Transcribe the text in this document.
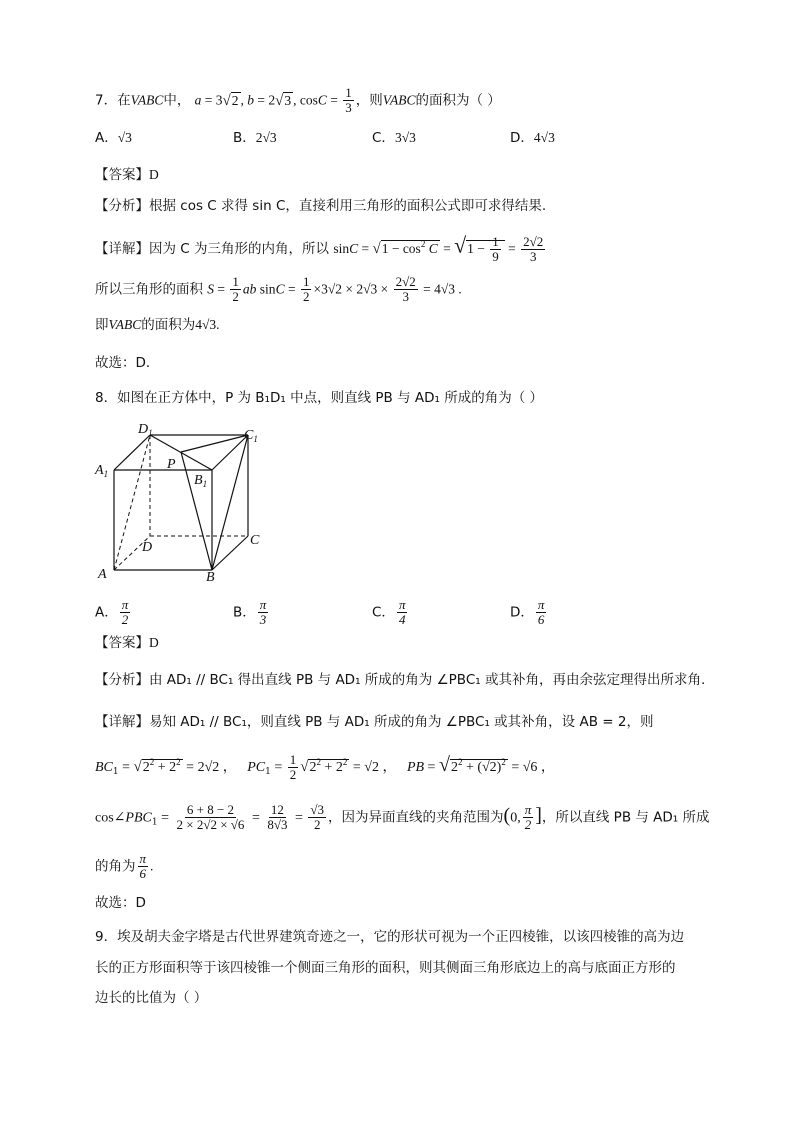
7．在VABC中， a = 3√2 , b = 2√3 , $\cos C = \frac{1}{3}$ ，则VABC的面积为（ ）
A．√3	B．2√3	C．3√3	D．4√3
【答案】D
【分析】根据 cos C 求得 sin C，直接利用三角形的面积公式即可求得结果.
【详解】因为 C 为三角形的内角，所以 $\sin C = √1 - \cos^2 C = √1 - \frac{1}{9} = \frac{2√2}{3}$
所以三角形的面积 $S = \frac{1}{2}$ ab $\sin C = \frac{1}{2} \times 3√2 \times 2√3 \times \frac{2√2}{3} = 4√3$ .
即VABC的面积为4√3.
故选：D．
8．如图在正方体中，P 为 B₁D₁ 中点，则直线 PB 与 AD₁ 所成的角为（ ）
$D_1$	$C_1$
$A_1$	$B_1$
P
D	C
A	B
A． $\frac{\pi}{2}$	B． $\frac{\pi}{3}$	C． $\frac{\pi}{4}$	D． $\frac{\pi}{6}$
【答案】D
【分析】由 AD₁ // BC₁ 得出直线 PB 与 AD₁ 所成的角为 ∠PBC₁ 或其补角，再由余弦定理得出所求角.
【详解】易知 AD₁ // BC₁，则直线 PB 与 AD₁ 所成的角为 ∠PBC₁ 或其补角，设 AB = 2，则
$BC_1 = √2^2 + 2^2 = 2√2$ ， $PC_1 = \frac{1}{2} √2^2 + 2^2 = √2$ ， PB = $√2^2 + (√2)^2 = √6$ ，
$\cos\angle PBC_1 = \frac{6 + 8 - 2}{2 \times 2√2 \times √6} = \frac{12}{8√3} = \frac{√3}{2}$ ，因为异面直线的夹角范围为(0, $\frac{\pi}{2}$ ]，所以直线 PB 与 AD₁ 所成
的角为 $\frac{\pi}{6}$ .
故选：D
9．埃及胡夫金字塔是古代世界建筑奇迹之一，它的形状可视为一个正四棱锥，以该四棱锥的高为边
长的正方形面积等于该四棱锥一个侧面三角形的面积，则其侧面三角形底边上的高与底面正方形的
边长的比值为（ ）
